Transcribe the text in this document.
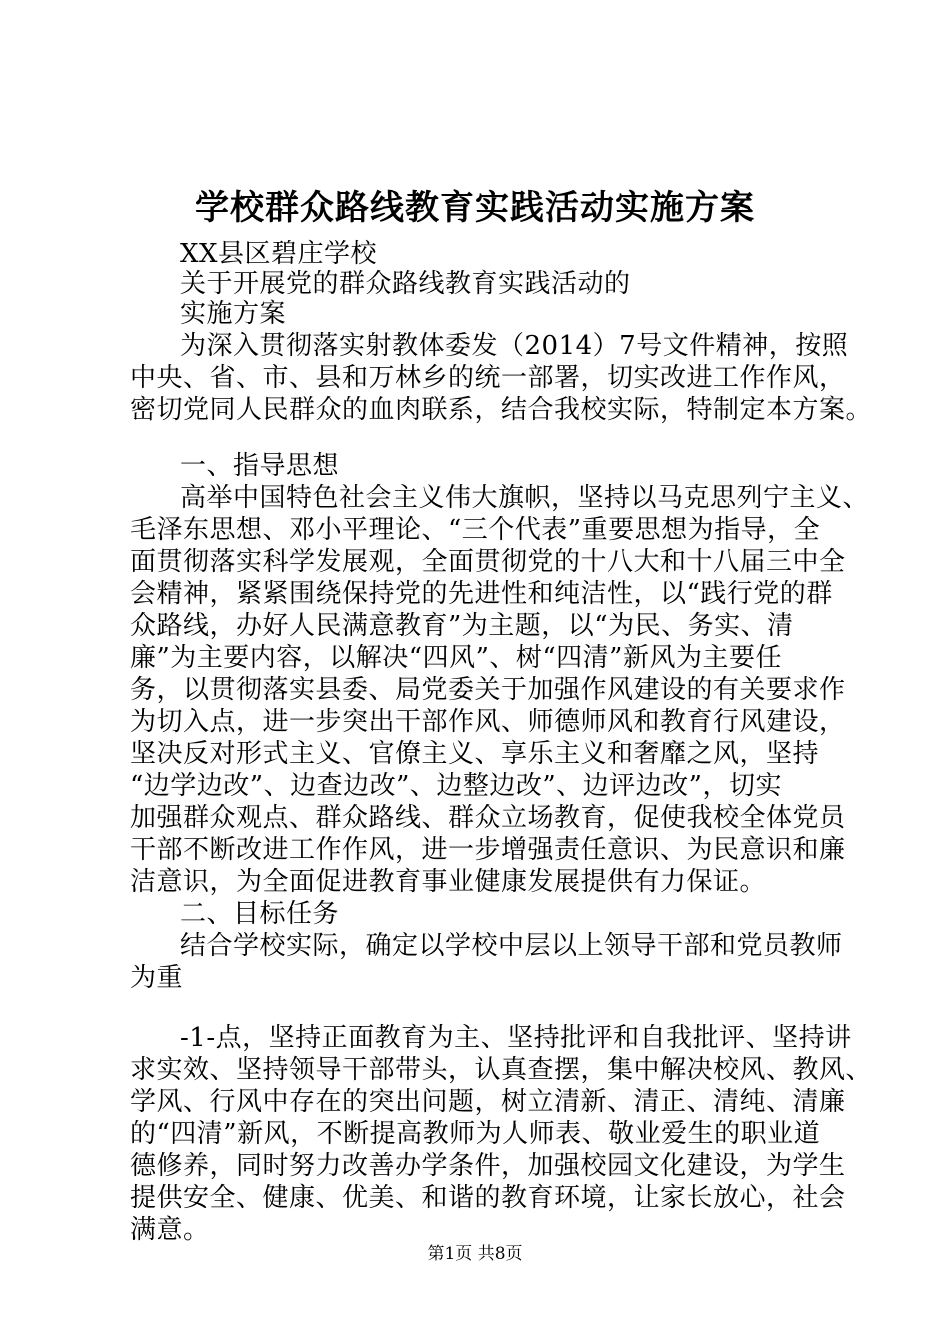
学校群众路线教育实践活动实施方案
XX县区碧庄学校
关于开展党的群众路线教育实践活动的
实施方案
为深入贯彻落实射教体委发（2014）7号文件精神，按照
中央、省、市、县和万林乡的统一部署，切实改进工作作风，
密切党同人民群众的血肉联系，结合我校实际，特制定本方案。
一、指导思想
高举中国特色社会主义伟大旗帜，坚持以马克思列宁主义、
毛泽东思想、邓小平理论、“三个代表”重要思想为指导，全
面贯彻落实科学发展观，全面贯彻党的十八大和十八届三中全
会精神，紧紧围绕保持党的先进性和纯洁性，以“践行党的群
众路线，办好人民满意教育”为主题，以“为民、务实、清
廉”为主要内容，以解决“四风”、树“四清”新风为主要任
务，以贯彻落实县委、局党委关于加强作风建设的有关要求作
为切入点，进一步突出干部作风、师德师风和教育行风建设，
坚决反对形式主义、官僚主义、享乐主义和奢靡之风，坚持
“边学边改”、边查边改”、边整边改”、边评边改”，切实
加强群众观点、群众路线、群众立场教育，促使我校全体党员
干部不断改进工作作风，进一步增强责任意识、为民意识和廉
洁意识，为全面促进教育事业健康发展提供有力保证。
二、目标任务
结合学校实际，确定以学校中层以上领导干部和党员教师
为重
-1-点，坚持正面教育为主、坚持批评和自我批评、坚持讲
求实效、坚持领导干部带头，认真查摆，集中解决校风、教风、
学风、行风中存在的突出问题，树立清新、清正、清纯、清廉
的“四清”新风，不断提高教师为人师表、敬业爱生的职业道
德修养，同时努力改善办学条件，加强校园文化建设，为学生
提供安全、健康、优美、和谐的教育环境，让家长放心，社会
满意。
第1页 共8页
